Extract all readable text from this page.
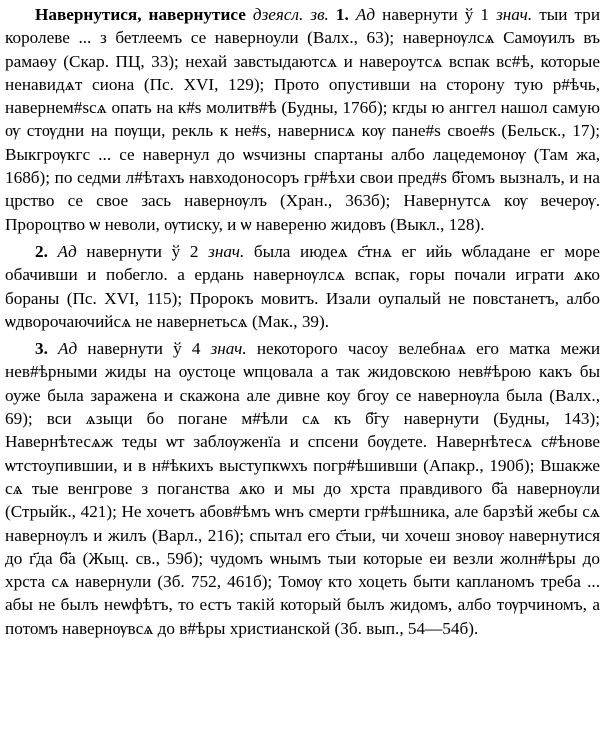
Навернутися, навернутисе дзеясл. зв. 1. Ад навернути ў 1 знач. тыи три королеве ... з бетлеемъ се наверноули (Валх., 63); навернѹлсѧ Самѹилъ въ рамаѳу (Скар. ПЦ, 33); нехай завстыдаютсѧ и навероутсѧ вспак вс#ѣ, которые ненавидѧт сиона (Пс. XVI, 129); Прото опустивши на сторону тую р#ѣчь, навернем#ѕсѧ опать на к#ѕ молитв#ѣ (Будны, 176б); кгды ю анггел нашол самую ѹ стѹдни на пѹщи, рекль к не#ѕ, навернисѧ кѹ пане#ѕ свое#ѕ (Бельск., 17); Выкгрѹкгс ... се навернул до ѡѕчизны спартаны албо лацедемонѹ (Там жа, 168б); по седми л#ѣтахъ навходоносоръ гр#ѣхи свои пред#ѕ б҃гомъ вызналъ, и на црство се свое зась навернѹлъ (Хран., 363б); Навернутсѧ кѹ вечерѹ. Пророцтво ѡ неволи, ѹтиску, и ѡ навереню жидовъ (Выкл., 128).

2. Ад навернути ў 2 знач. была июдеѧ с҃тнѧ ег ийь ѡбладане ег море обачивши и побегло. а ердань навернѹлсѧ вспак, горы почали играти ѧко бораны (Пс. XVI, 115); Пророкъ мовитъ. Изали оупалый не повстанетъ, албо ѡдворочаючийсѧ не навернетьсѧ (Мак., 39).

3. Ад навернути ў 4 знач. некоторого часоу велебнаѧ его матка межи нев#ѣрными жиды на оустоце ѡпцовала а так жидовскою нев#ѣрою какъ бы оуже была заражена и скажона але дивне коу бгоу се навернѹла была (Валх., 69); вси ѧзыци бо погане м#ѣли сѧ къ б҃гу навернути (Будны, 143); Навернѣтесѧж теды ѡт заблѹженїа и спсени бѹдете. Навернѣтесѧ с#ѣнове ѡтстоупившии, и в н#ѣкихъ выступкѡхъ погр#ѣшивши (Апакр., 190б); Вшакже сѧ тые венгрове з поганства ѧко и мы до хрста правдивого б҃а навернѹли (Стрыйк., 421); Не хочетъ абов#ѣмъ ѡнъ смерти гр#ѣшника, але барзѣй жебы сѧ навернѹлъ и жилъ (Варл., 216); спытал его с҃тыи, чи хочеш зновѹ навернутися до г҃да б҃а (Жыц. св., 59б); чудомъ ѡнымъ тыи которые еи везли жолн#ѣры до хрста сѧ навернули (Зб. 752, 461б); Томѹ кто хоцеть быти капланомъ треба ... абы не былъ неѡфѣтъ, то естъ такій который былъ жидомъ, албо тѹрчиномъ, а потомъ навернѹвсѧ до в#ѣры христианской (Зб. вып., 54—54б).
